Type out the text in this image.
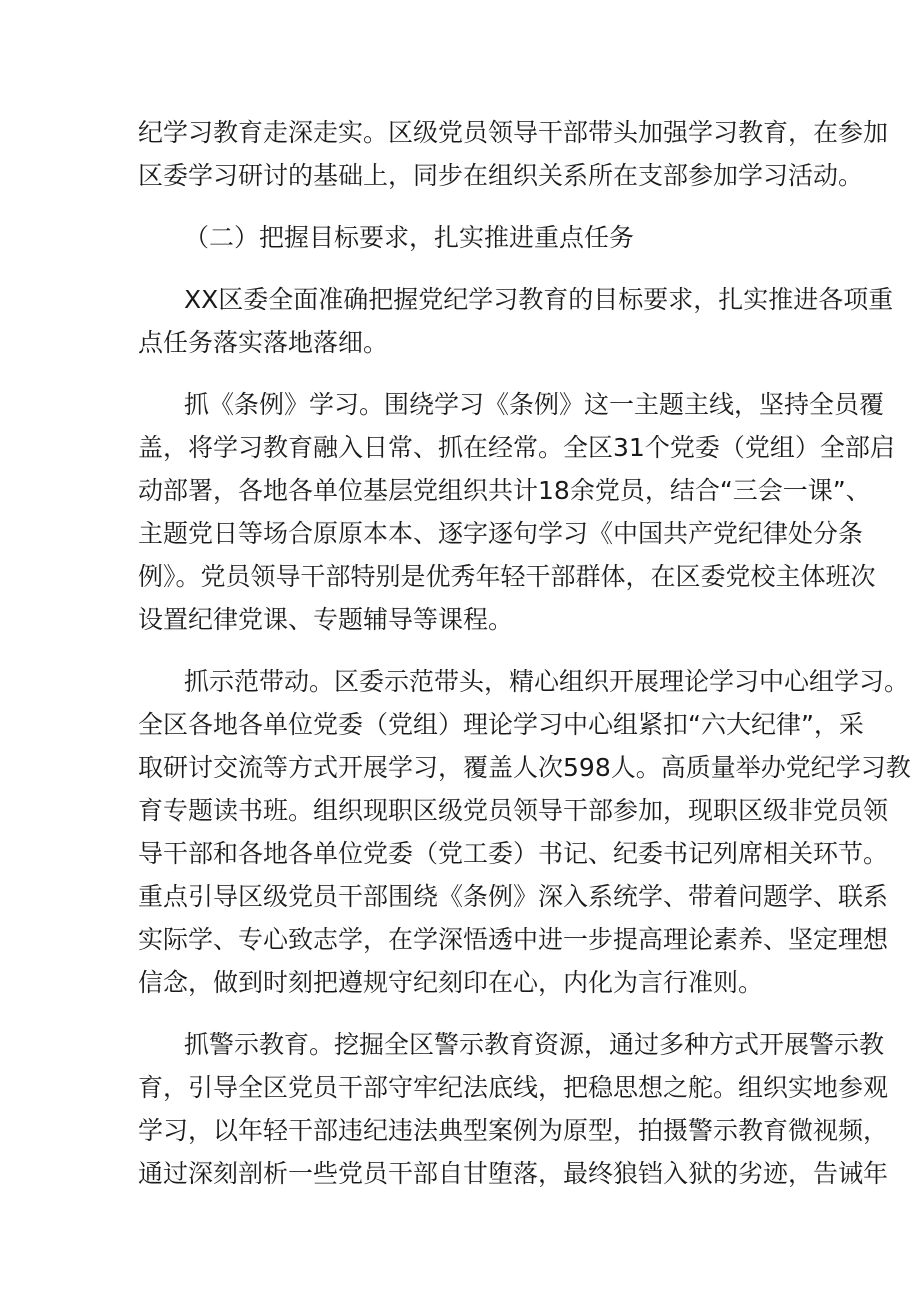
纪学习教育走深走实。区级党员领导干部带头加强学习教育，在参加
区委学习研讨的基础上，同步在组织关系所在支部参加学习活动。
（二）把握目标要求，扎实推进重点任务
XX区委全面准确把握党纪学习教育的目标要求，扎实推进各项重
点任务落实落地落细。
抓《条例》学习。围绕学习《条例》这一主题主线，坚持全员覆
盖，将学习教育融入日常、抓在经常。全区31个党委（党组）全部启
动部署，各地各单位基层党组织共计18余党员，结合“三会一课”、
主题党日等场合原原本本、逐字逐句学习《中国共产党纪律处分条
例》。党员领导干部特别是优秀年轻干部群体，在区委党校主体班次
设置纪律党课、专题辅导等课程。
抓示范带动。区委示范带头，精心组织开展理论学习中心组学习。
全区各地各单位党委（党组）理论学习中心组紧扣“六大纪律”，采
取研讨交流等方式开展学习，覆盖人次598人。高质量举办党纪学习教
育专题读书班。组织现职区级党员领导干部参加，现职区级非党员领
导干部和各地各单位党委（党工委）书记、纪委书记列席相关环节。
重点引导区级党员干部围绕《条例》深入系统学、带着问题学、联系
实际学、专心致志学，在学深悟透中进一步提高理论素养、坚定理想
信念，做到时刻把遵规守纪刻印在心，内化为言行准则。
抓警示教育。挖掘全区警示教育资源，通过多种方式开展警示教
育，引导全区党员干部守牢纪法底线，把稳思想之舵。组织实地参观
学习，以年轻干部违纪违法典型案例为原型，拍摄警示教育微视频，
通过深刻剖析一些党员干部自甘堕落，最终狼铛入狱的劣迹，告诫年
